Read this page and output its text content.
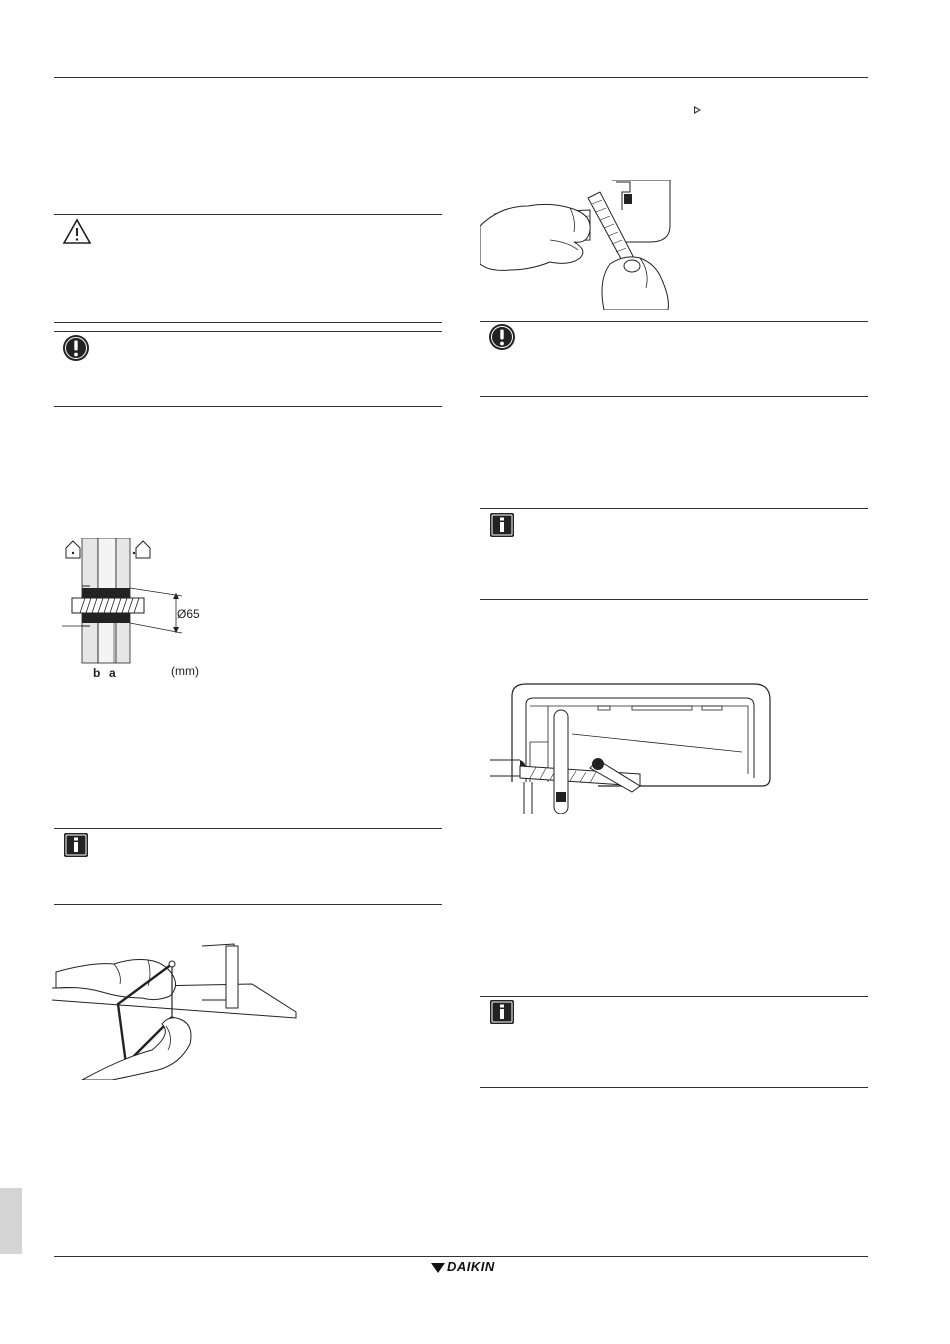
b a
Ø65
(mm)
DAIKIN
